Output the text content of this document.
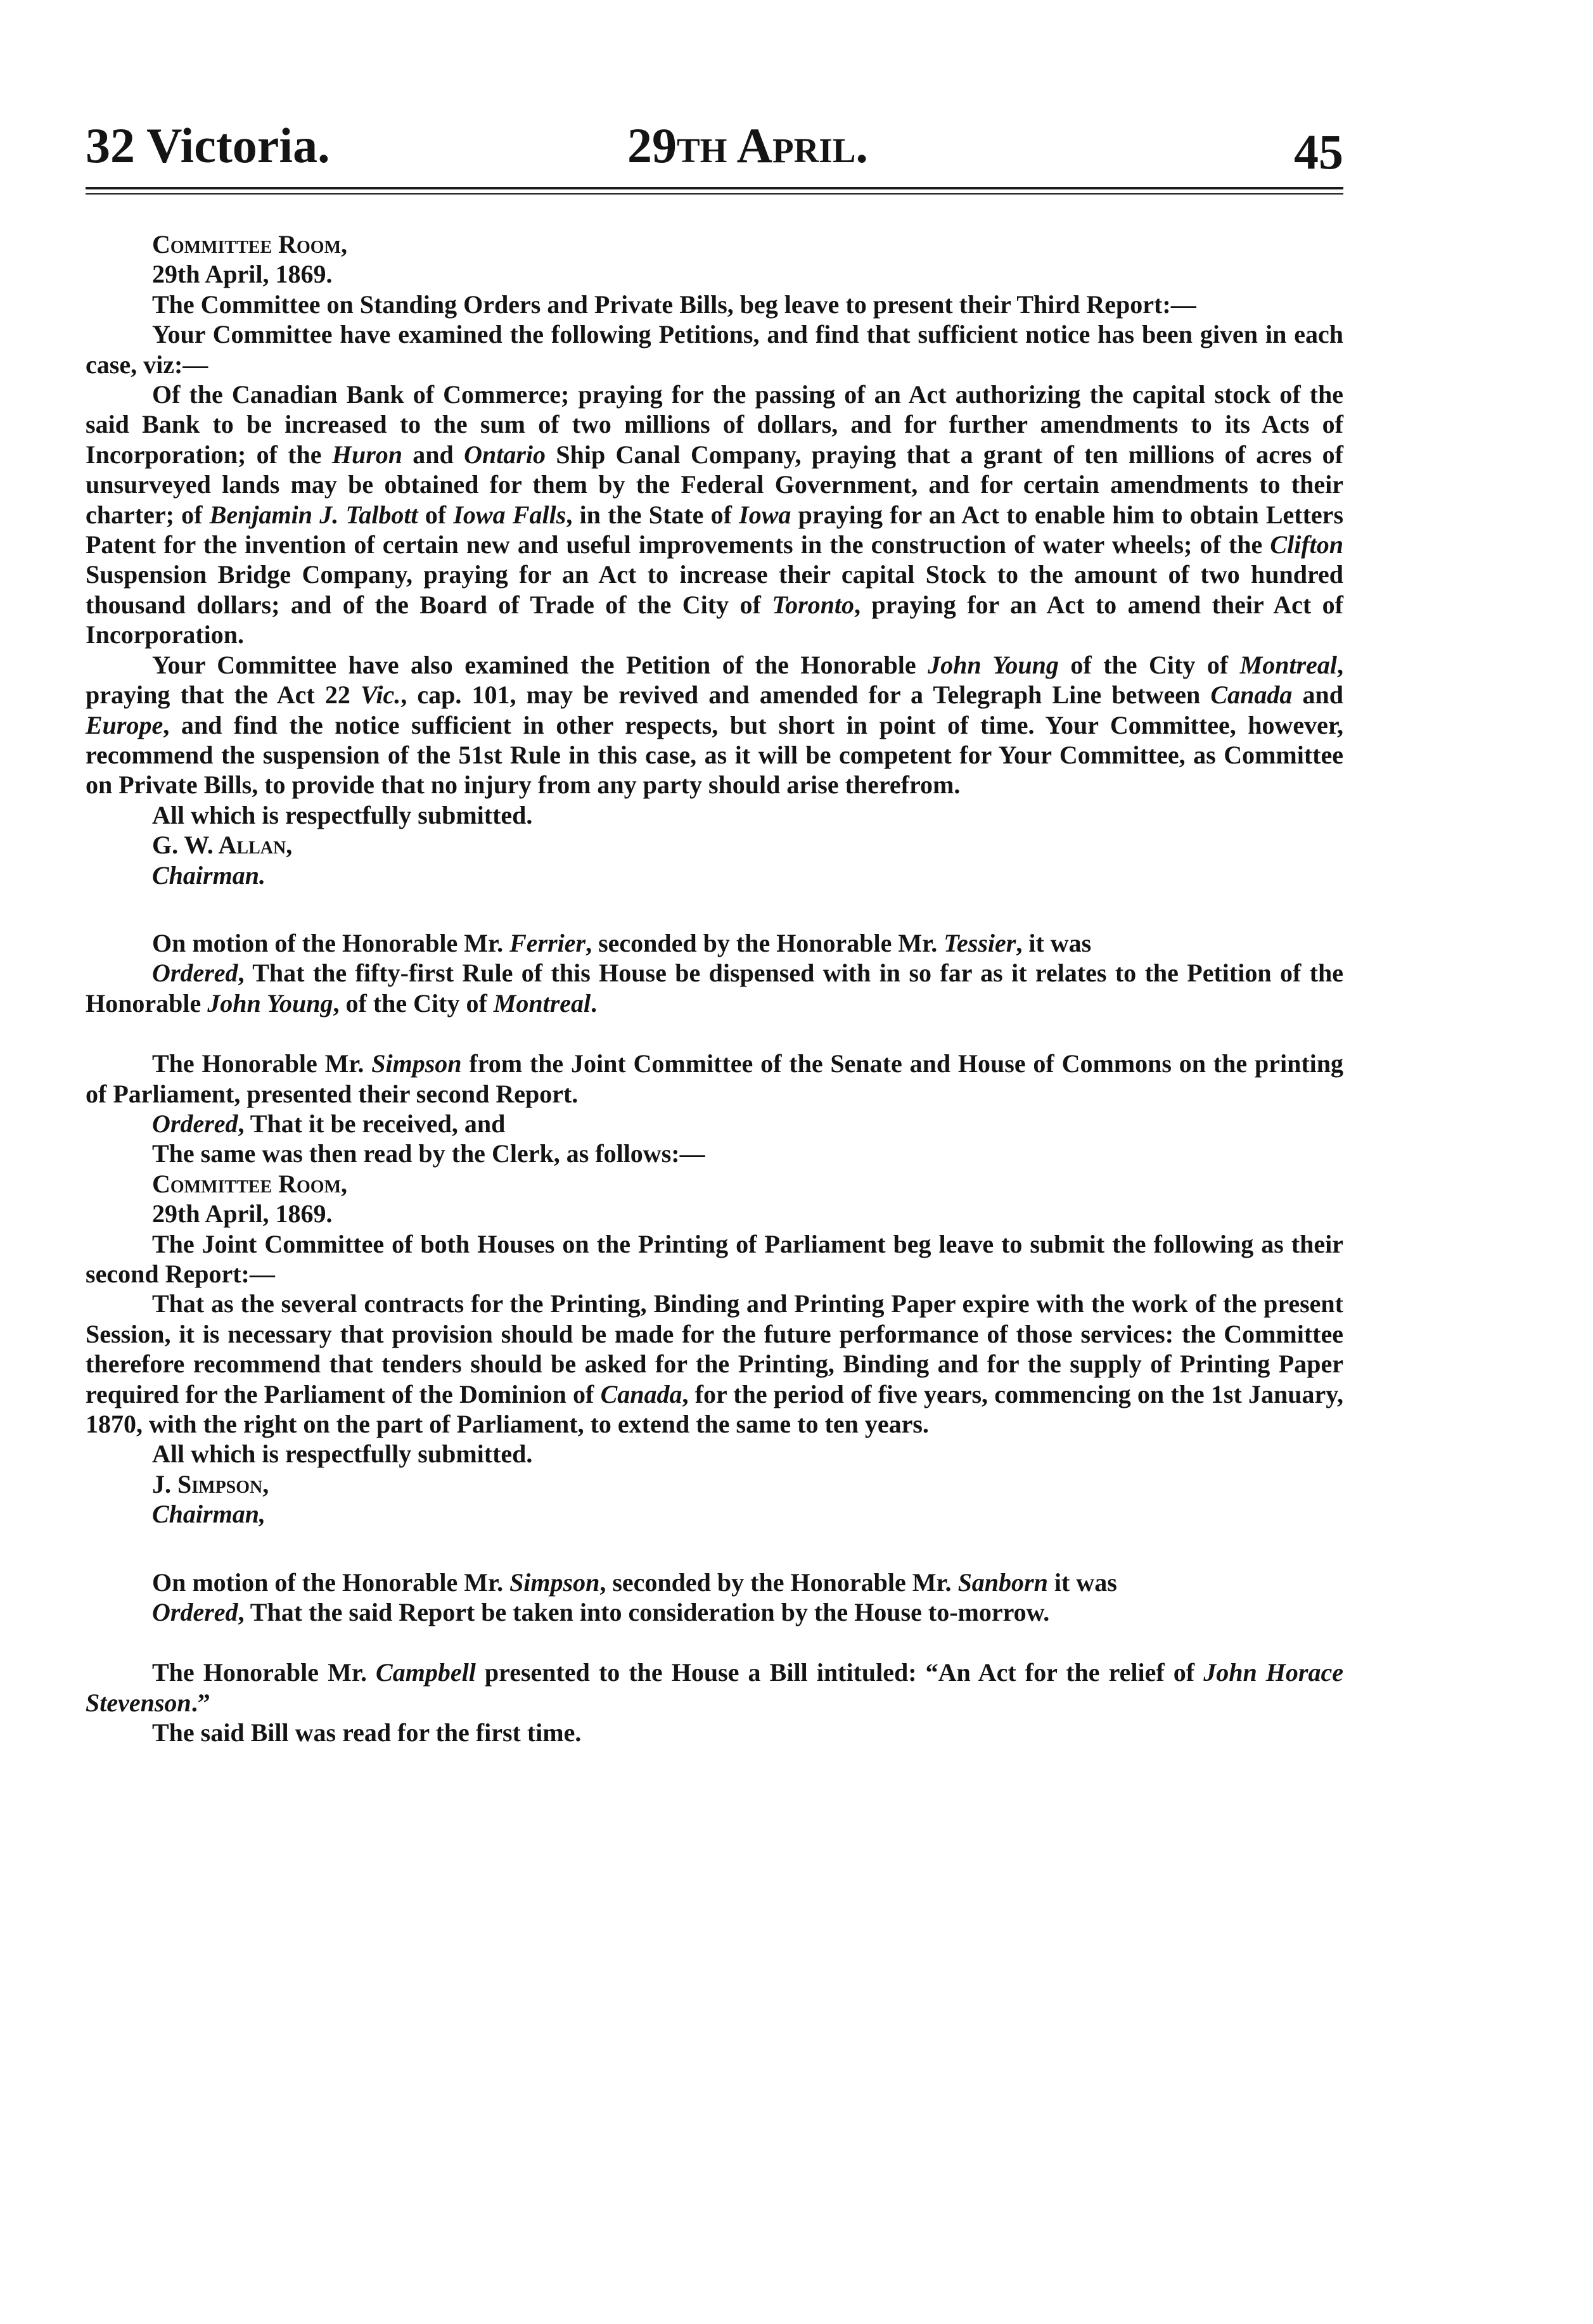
32 Victoria.	29th April.	45

Committee Room,
29th April, 1869.

The Committee on Standing Orders and Private Bills, beg leave to present their Third Report:—

Your Committee have examined the following Petitions, and find that sufficient notice has been given in each case, viz:—

Of the Canadian Bank of Commerce; praying for the passing of an Act authorizing the capital stock of the said Bank to be increased to the sum of two millions of dollars, and for further amendments to its Acts of Incorporation; of the Huron and Ontario Ship Canal Company, praying that a grant of ten millions of acres of unsurveyed lands may be obtained for them by the Federal Government, and for certain amendments to their charter; of Benjamin J. Talbott of Iowa Falls, in the State of Iowa praying for an Act to enable him to obtain Letters Patent for the invention of certain new and useful improvements in the construction of water wheels; of the Clifton Suspension Bridge Company, praying for an Act to increase their capital Stock to the amount of two hundred thousand dollars; and of the Board of Trade of the City of Toronto, praying for an Act to amend their Act of Incorporation.

Your Committee have also examined the Petition of the Honorable John Young of the City of Montreal, praying that the Act 22 Vic., cap. 101, may be revived and amended for a Telegraph Line between Canada and Europe, and find the notice sufficient in other respects, but short in point of time. Your Committee, however, recommend the suspension of the 51st Rule in this case, as it will be competent for Your Committee, as Committee on Private Bills, to provide that no injury from any party should arise therefrom.

All which is respectfully submitted.

G. W. Allan,
Chairman.

On motion of the Honorable Mr. Ferrier, seconded by the Honorable Mr. Tessier, it was

Ordered, That the fifty-first Rule of this House be dispensed with in so far as it relates to the Petition of the Honorable John Young, of the City of Montreal.

The Honorable Mr. Simpson from the Joint Committee of the Senate and House of Commons on the printing of Parliament, presented their second Report.

Ordered, That it be received, and

The same was then read by the Clerk, as follows:—

Committee Room,
29th April, 1869.

The Joint Committee of both Houses on the Printing of Parliament beg leave to submit the following as their second Report:—

That as the several contracts for the Printing, Binding and Printing Paper expire with the work of the present Session, it is necessary that provision should be made for the future performance of those services: the Committee therefore recommend that tenders should be asked for the Printing, Binding and for the supply of Printing Paper required for the Parliament of the Dominion of Canada, for the period of five years, commencing on the 1st January, 1870, with the right on the part of Parliament, to extend the same to ten years.

All which is respectfully submitted.

J. Simpson,
Chairman,

On motion of the Honorable Mr. Simpson, seconded by the Honorable Mr. Sanborn it was

Ordered, That the said Report be taken into consideration by the House to-morrow.

The Honorable Mr. Campbell presented to the House a Bill intituled: “An Act for the relief of John Horace Stevenson.”

The said Bill was read for the first time.
